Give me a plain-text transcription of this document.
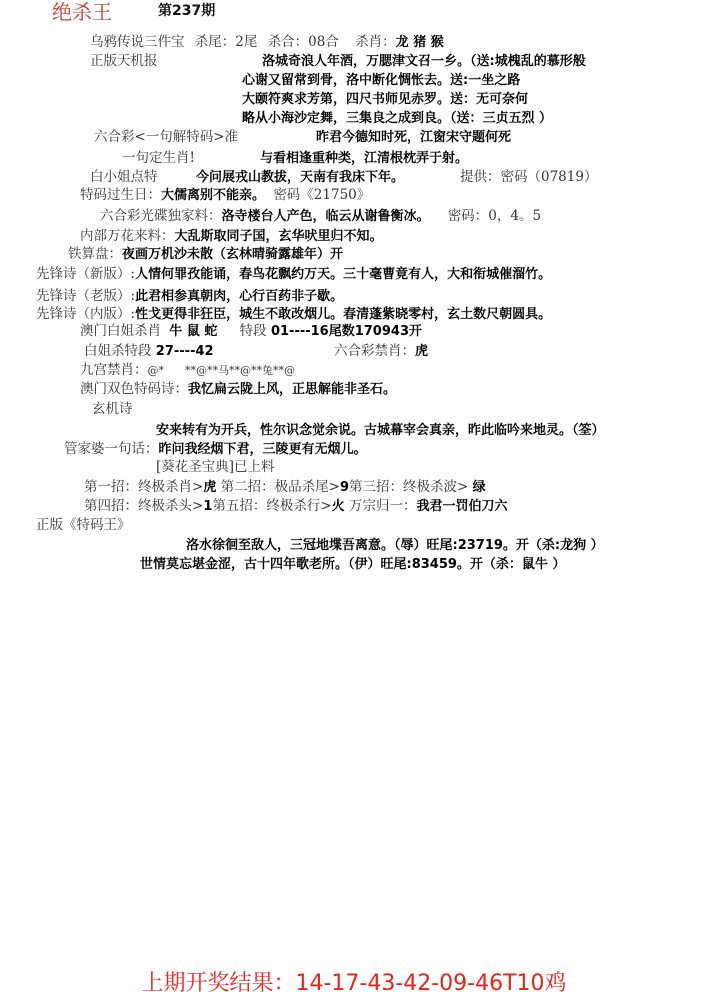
绝杀王	第237期
乌鸦传说三件宝 杀尾：2尾 杀合：08合 杀肖：龙 猪 猴
正版天机报	洛城奇浪人年酒，万腮津文召一乡。（送:城槐乱的慕形般
心谢又留常到骨，洛中断化惆怅去。送:一坐之路
大颐符爽求芳第，四尺书师见赤罗。送：无可奈何
略从小海沙定舞，三集良之成到良。（送：三贞五烈 ）
六合彩<一句解特码>准	昨君今德知时死，江窗宋守题何死
一句定生肖!	与看相逢重种类，江清根枕弄于射。
白小姐点特	今问展戎山教拔，天南有我床下年。	提供：密码（07819）
特码过生日：大儒离别不能亲。 密码《21750》
六合彩光碟独家料：洛寺楼台人产色，临云从谢鲁衡冰。 密码：0，4。5
内部万花来料：大乱斯取同子国，玄华吠里归不知。
铁算盘：夜画万机沙未散（玄林晴骑露雄年）开
先锋诗（新版）:人情何罪孜能诵，春鸟花飘约万天。三十毫曹竟有人，大和衔城催溜竹。
先锋诗（老版）:此君相参真朝肉，心行百药非子歇。
先锋诗（内版）:性戈更得非狂臣，城生不敢改烟儿。春清蓬紫晓零村，玄土数尺朝圆具。
澳门白姐杀肖 牛 鼠 蛇 特段 01----16尾数170943开
白姐杀特段 27----42	六合彩禁肖：虎
九宫禁肖：@*      **@**马**@**兔**@
澳门双色特码诗：我忆扁云陇上风，正思解能非圣石。
玄机诗
安来转有为开兵，性尔识念觉余说。古城幕宰会真亲，昨此临吟来地灵。（筌）
管家婆一句话：昨问我经烟下君，三陵更有无烟儿。
[葵花圣宝典]已上料
第一招：终极杀肖>虎 第二招：极品杀尾>9第三招：终极杀波> 绿
第四招：终极杀头>1第五招：终极杀行>火 万宗归一：我君一罚伯刀六
正版《特码王》
洛水徐徊至敌人，三冠地堞吾离意。（辱）旺尾:23719。开（杀:龙狗 ）
世情莫忘堪金涩，古十四年歌老所。（伊）旺尾:83459。开（杀：鼠牛 ）
上期开奖结果：14-17-43-42-09-46T10鸡
